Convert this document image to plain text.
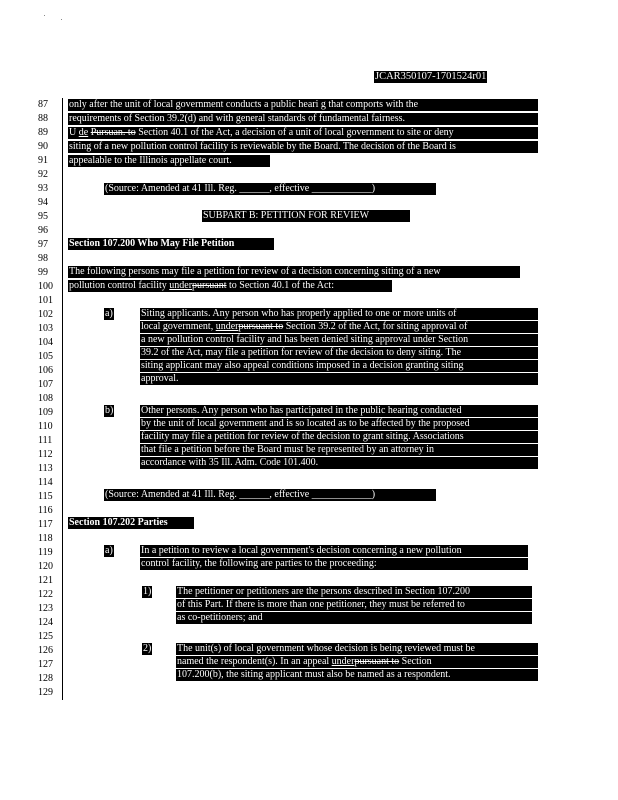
JCAR350107-1701524r01
87
88
89
90
91
92
93
94
95
96
97
98
99
100
101
102
103
104
105
106
107
108
109
110
111
112
113
114
115
116
117
118
119
120
121
122
123
124
125
126
127
128
129
only after the unit of local government conducts a public heari g that comports with the
requirements of Section 39.2(d) and with general standards of fundamental fairness.
U de Pursuan. to Section 40.1 of the Act, a decision of a unit of local government to site or deny
siting of a new pollution control facility is reviewable by the Board. The decision of the Board is
appealable to the Illinois appellate court.
(Source: Amended at 41 Ill. Reg. ______, effective ____________)
SUBPART B: PETITION FOR REVIEW
Section 107.200 Who May File Petition
The following persons may file a petition for review of a decision concerning siting of a new
pollution control facility underpursuant to Section 40.1 of the Act:
a)	Siting applicants. Any person who has properly applied to one or more units of
local government, underpursuant to Section 39.2 of the Act, for siting approval of
a new pollution control facility and has been denied siting approval under Section
39.2 of the Act, may file a petition for review of the decision to deny siting. The
siting applicant may also appeal conditions imposed in a decision granting siting
approval.
b)	Other persons. Any person who has participated in the public hearing conducted
by the unit of local government and is so located as to be affected by the proposed
facility may file a petition for review of the decision to grant siting. Associations
that file a petition before the Board must be represented by an attorney in
accordance with 35 Ill. Adm. Code 101.400.
(Source: Amended at 41 Ill. Reg. ______, effective ____________)
Section 107.202 Parties
a)	In a petition to review a local government's decision concerning a new pollution
control facility, the following are parties to the proceeding:
1)	The petitioner or petitioners are the persons described in Section 107.200
of this Part. If there is more than one petitioner, they must be referred to
as co-petitioners; and
2)	The unit(s) of local government whose decision is being reviewed must be
named the respondent(s). In an appeal underpursuant to Section
107.200(b), the siting applicant must also be named as a respondent.
